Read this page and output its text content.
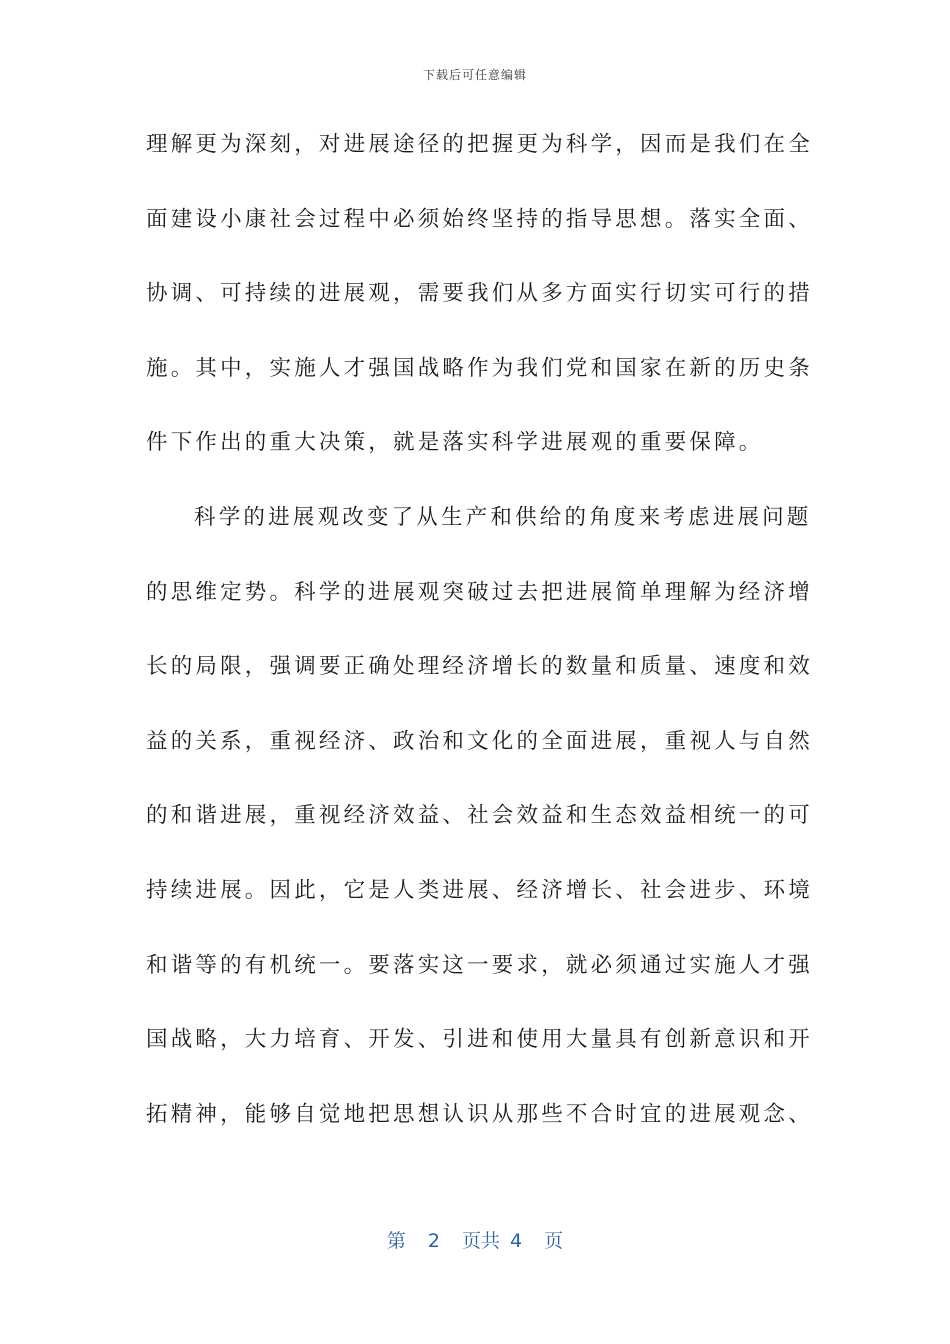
下载后可任意编辑
理解更为深刻，对进展途径的把握更为科学，因而是我们在全
面建设小康社会过程中必须始终坚持的指导思想。落实全面、
协调、可持续的进展观，需要我们从多方面实行切实可行的措
施。其中，实施人才强国战略作为我们党和国家在新的历史条
件下作出的重大决策，就是落实科学进展观的重要保障。
科学的进展观改变了从生产和供给的角度来考虑进展问题
的思维定势。科学的进展观突破过去把进展简单理解为经济增
长的局限，强调要正确处理经济增长的数量和质量、速度和效
益的关系，重视经济、政治和文化的全面进展，重视人与自然
的和谐进展，重视经济效益、社会效益和生态效益相统一的可
持续进展。因此，它是人类进展、经济增长、社会进步、环境
和谐等的有机统一。要落实这一要求，就必须通过实施人才强
国战略，大力培育、开发、引进和使用大量具有创新意识和开
拓精神，能够自觉地把思想认识从那些不合时宜的进展观念、
第 2 页共 4 页
